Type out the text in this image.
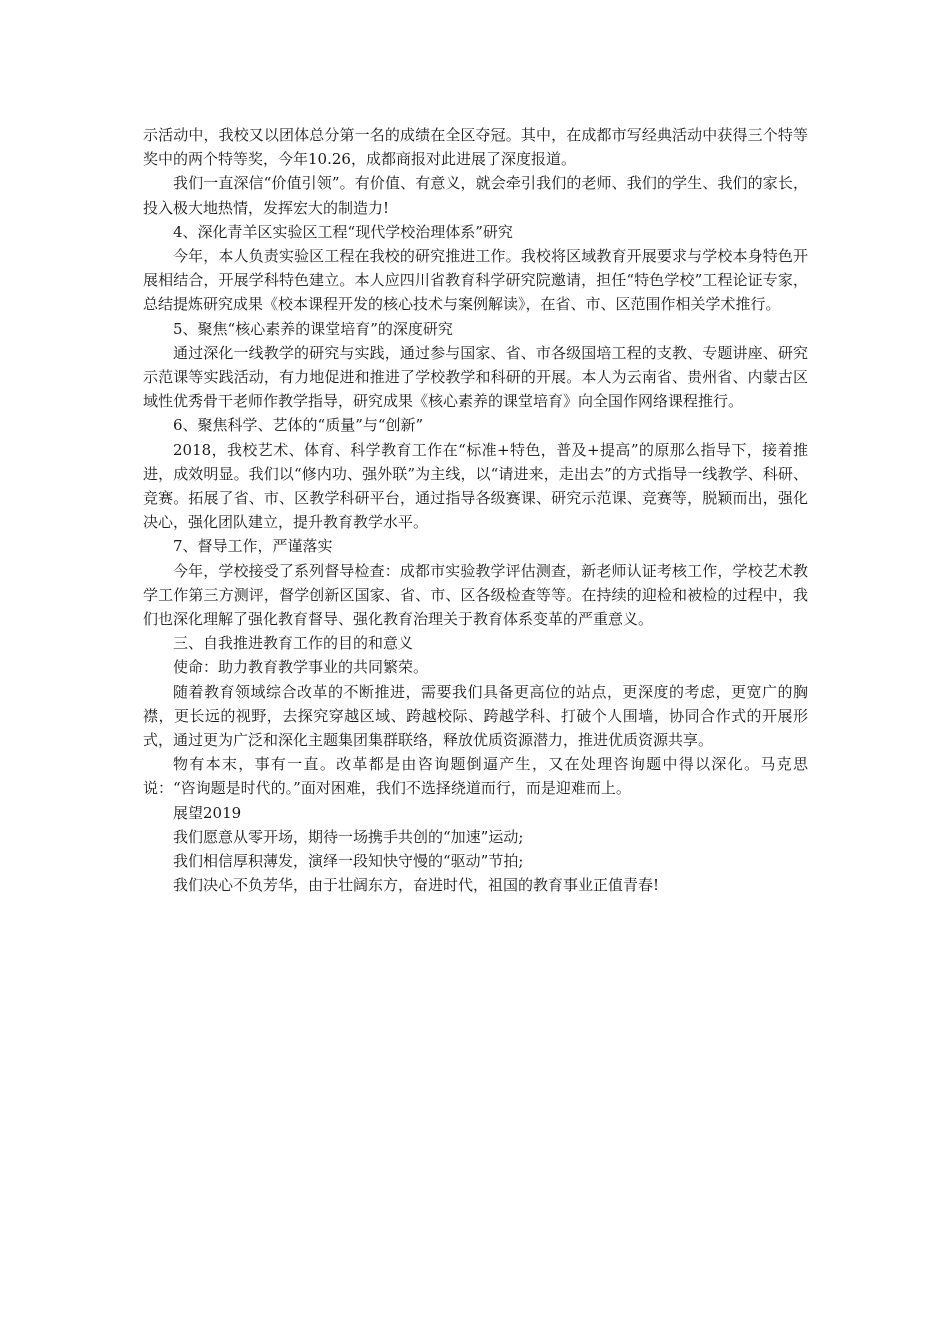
示活动中，我校又以团体总分第一名的成绩在全区夺冠。其中，在成都市写经典活动中获得三个特等奖中的两个特等奖，今年10.26，成都商报对此进展了深度报道。

我们一直深信“价值引领”。有价值、有意义，就会牵引我们的老师、我们的学生、我们的家长，投入极大地热情，发挥宏大的制造力!

4、深化青羊区实验区工程“现代学校治理体系”研究

今年，本人负责实验区工程在我校的研究推进工作。我校将区域教育开展要求与学校本身特色开展相结合，开展学科特色建立。本人应四川省教育科学研究院邀请，担任“特色学校”工程论证专家，总结提炼研究成果《校本课程开发的核心技术与案例解读》，在省、市、区范围作相关学术推行。

5、聚焦“核心素养的课堂培育”的深度研究

通过深化一线教学的研究与实践，通过参与国家、省、市各级国培工程的支教、专题讲座、研究示范课等实践活动，有力地促进和推进了学校教学和科研的开展。本人为云南省、贵州省、内蒙古区域性优秀骨干老师作教学指导，研究成果《核心素养的课堂培育》向全国作网络课程推行。

6、聚焦科学、艺体的“质量”与“创新”

2018，我校艺术、体育、科学教育工作在“标准+特色，普及+提高”的原那么指导下，接着推进，成效明显。我们以“修内功、强外联”为主线，以“请进来，走出去”的方式指导一线教学、科研、竞赛。拓展了省、市、区教学科研平台，通过指导各级赛课、研究示范课、竞赛等，脱颖而出，强化决心，强化团队建立，提升教育教学水平。

7、督导工作，严谨落实

今年，学校接受了系列督导检查：成都市实验教学评估测查，新老师认证考核工作，学校艺术教学工作第三方测评，督学创新区国家、省、市、区各级检查等等。在持续的迎检和被检的过程中，我们也深化理解了强化教育督导、强化教育治理关于教育体系变革的严重意义。

三、自我推进教育工作的目的和意义

使命：助力教育教学事业的共同繁荣。

随着教育领域综合改革的不断推进，需要我们具备更高位的站点，更深度的考虑，更宽广的胸襟，更长远的视野，去探究穿越区域、跨越校际、跨越学科、打破个人围墙，协同合作式的开展形式，通过更为广泛和深化主题集团集群联络，释放优质资源潜力，推进优质资源共享。

物有本末，事有一直。改革都是由咨询题倒逼产生，又在处理咨询题中得以深化。马克思说：“咨询题是时代的。”面对困难，我们不选择绕道而行，而是迎难而上。

展望2019

我们愿意从零开场，期待一场携手共创的“加速”运动;

我们相信厚积薄发，演绎一段知快守慢的“驱动”节拍;

我们决心不负芳华，由于壮阔东方，奋进时代，祖国的教育事业正值青春!
